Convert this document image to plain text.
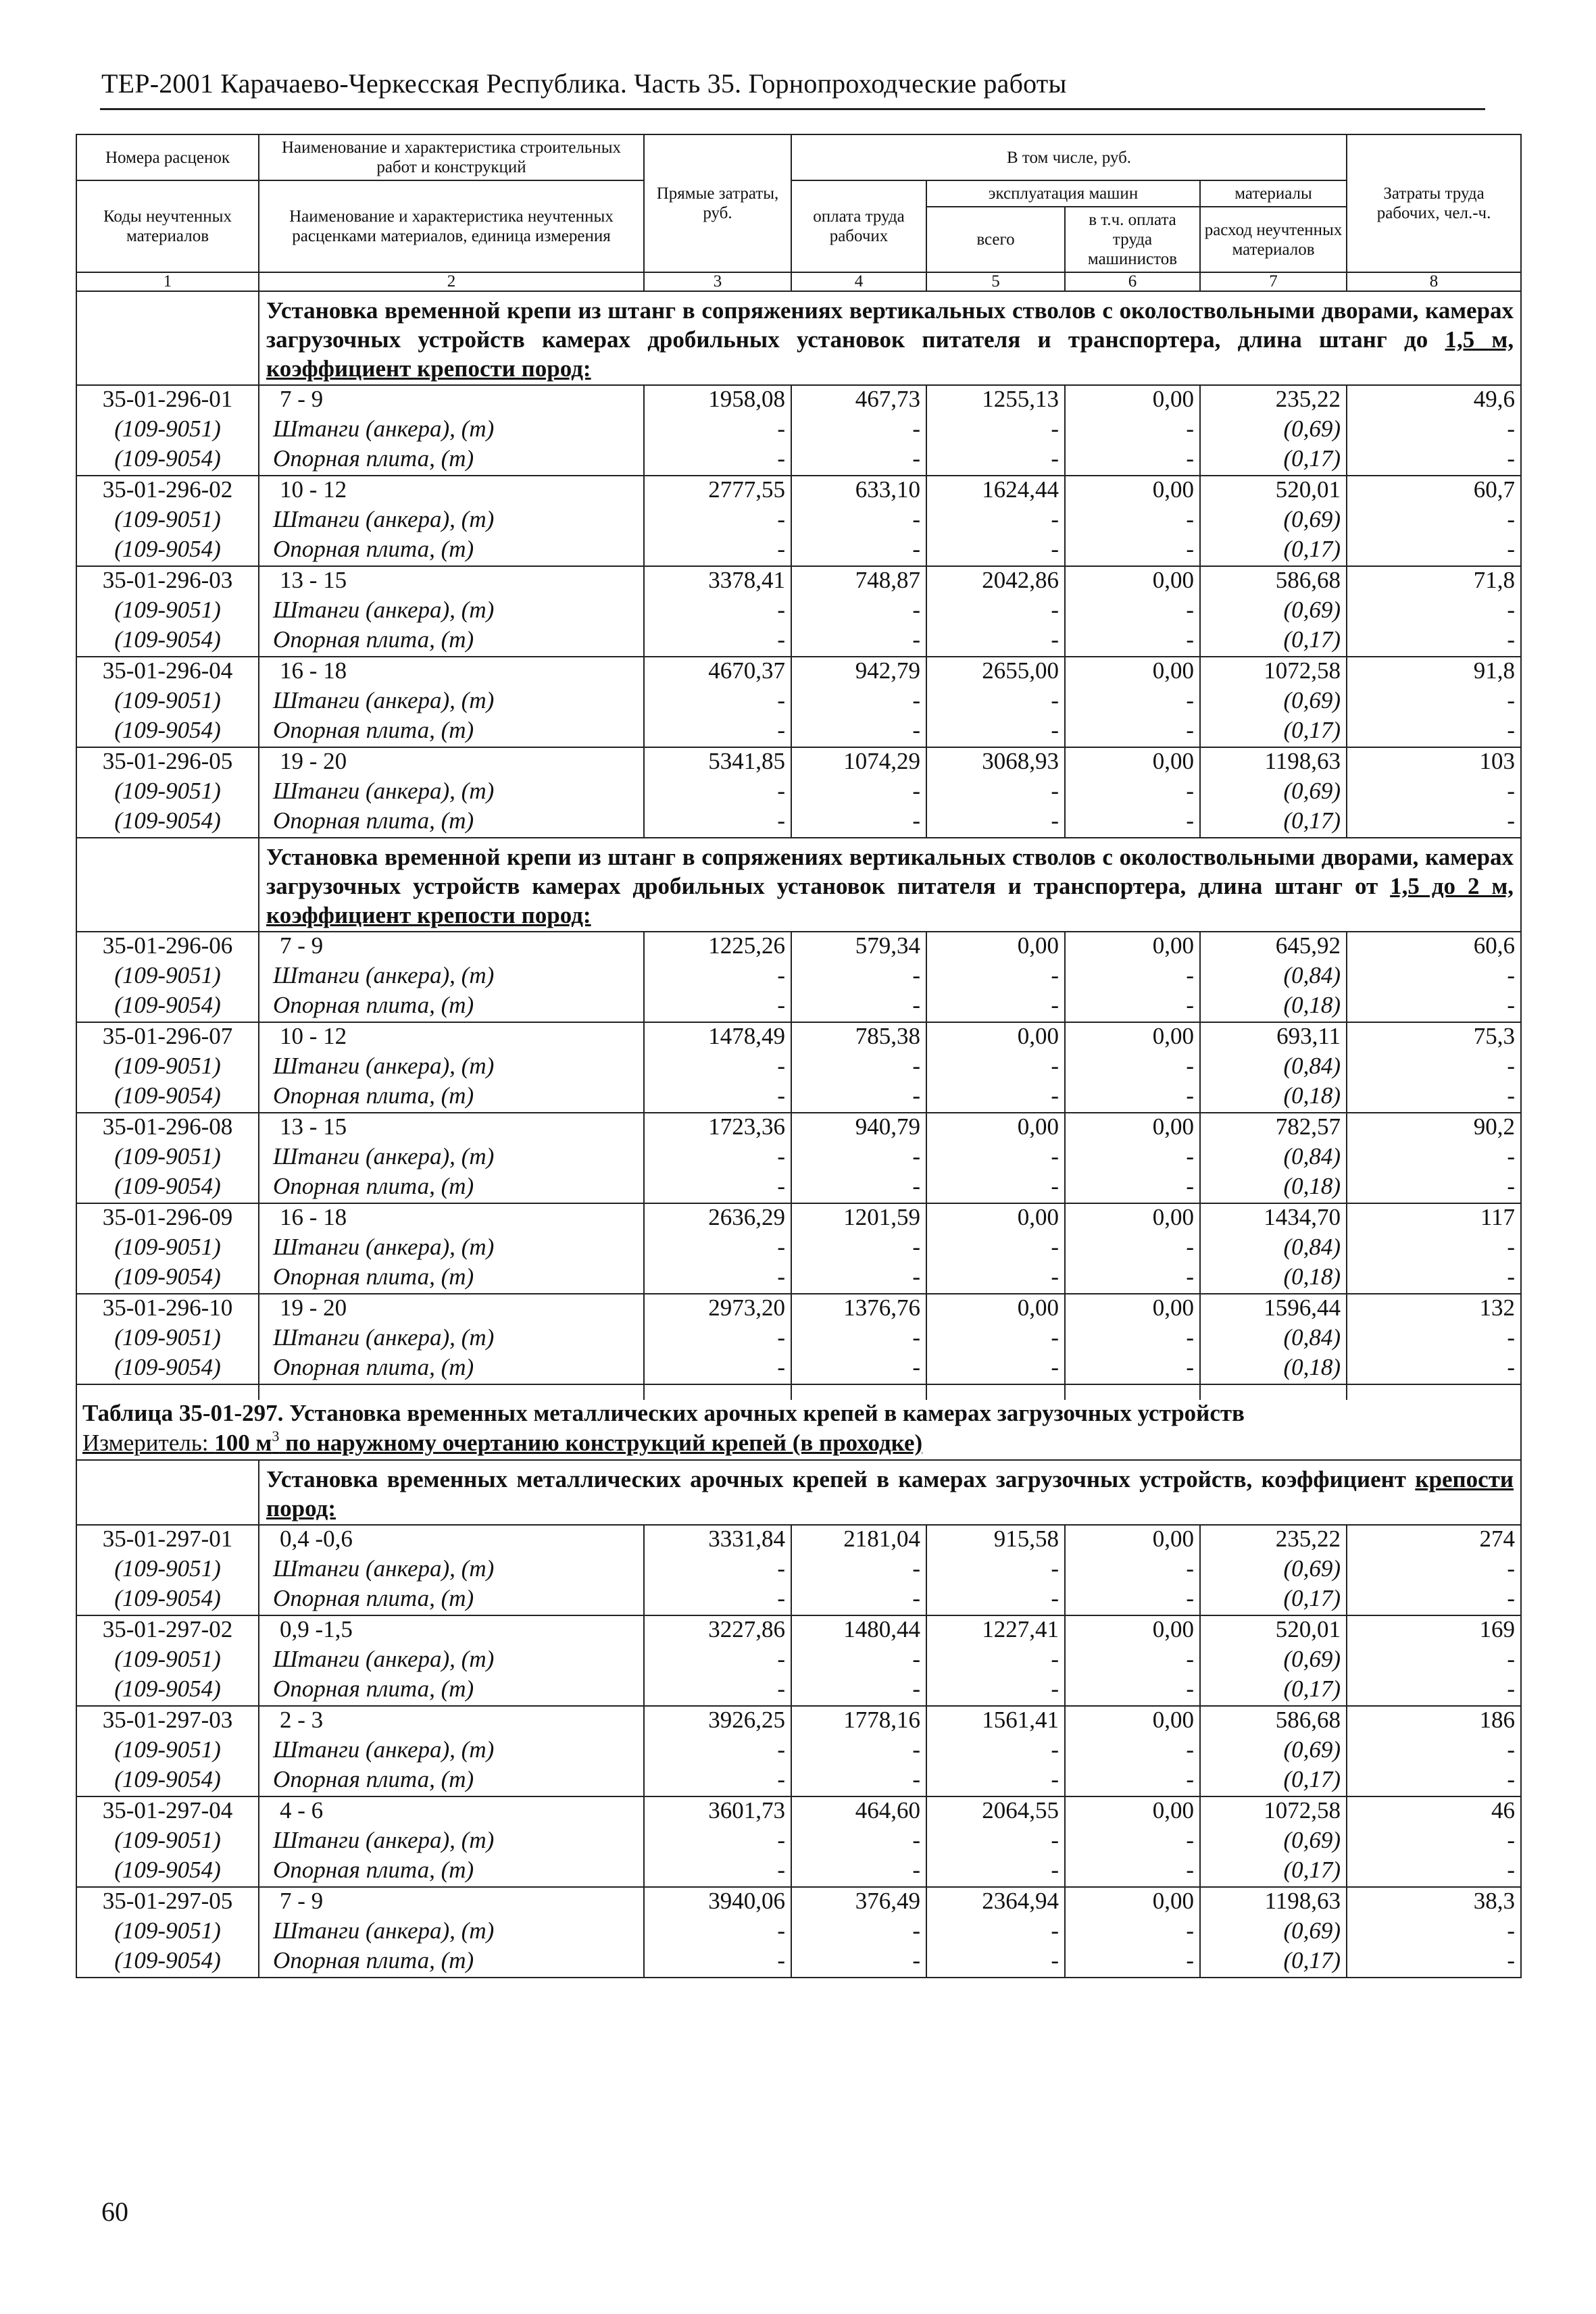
ТЕР-2001 Карачаево-Черкесская Республика. Часть 35. Горнопроходческие работы
Номера расценок	Наименование и характеристика строительных работ и конструкций	Прямые затраты, руб.	В том числе, руб.				Затраты труда рабочих, чел.-ч.
Коды неучтенных материалов	Наименование и характеристика неучтенных расценками материалов, единица измерения		оплата труда рабочих	эксплуатация машин		материалы	
				всего	в т.ч. оплата труда машинистов	расход неучтенных материалов	
1	2	3	4	5	6	7	8
	Установка временной крепи из штанг в сопряжениях вертикальных стволов с околоствольными дворами, камерах загрузочных устройств камерах дробильных установок питателя и транспортера, длина штанг до 1,5 м, коэффициент крепости пород:						
35-01-296-01	7 - 9	1958,08	467,73	1255,13	0,00	235,22	49,6
(109-9051)	Штанги (анкера), (т)	-	-	-	-	(0,69)	-
(109-9054)	Опорная плита, (т)	-	-	-	-	(0,17)	-
35-01-296-02	10 - 12	2777,55	633,10	1624,44	0,00	520,01	60,7
(109-9051)	Штанги (анкера), (т)	-	-	-	-	(0,69)	-
(109-9054)	Опорная плита, (т)	-	-	-	-	(0,17)	-
35-01-296-03	13 - 15	3378,41	748,87	2042,86	0,00	586,68	71,8
(109-9051)	Штанги (анкера), (т)	-	-	-	-	(0,69)	-
(109-9054)	Опорная плита, (т)	-	-	-	-	(0,17)	-
35-01-296-04	16 - 18	4670,37	942,79	2655,00	0,00	1072,58	91,8
(109-9051)	Штанги (анкера), (т)	-	-	-	-	(0,69)	-
(109-9054)	Опорная плита, (т)	-	-	-	-	(0,17)	-
35-01-296-05	19 - 20	5341,85	1074,29	3068,93	0,00	1198,63	103
(109-9051)	Штанги (анкера), (т)	-	-	-	-	(0,69)	-
(109-9054)	Опорная плита, (т)	-	-	-	-	(0,17)	-
	Установка временной крепи из штанг в сопряжениях вертикальных стволов с околоствольными дворами, камерах загрузочных устройств камерах дробильных установок питателя и транспортера, длина штанг от 1,5 до 2 м, коэффициент крепости пород:						
35-01-296-06	7 - 9	1225,26	579,34	0,00	0,00	645,92	60,6
(109-9051)	Штанги (анкера), (т)	-	-	-	-	(0,84)	-
(109-9054)	Опорная плита, (т)	-	-	-	-	(0,18)	-
35-01-296-07	10 - 12	1478,49	785,38	0,00	0,00	693,11	75,3
(109-9051)	Штанги (анкера), (т)	-	-	-	-	(0,84)	-
(109-9054)	Опорная плита, (т)	-	-	-	-	(0,18)	-
35-01-296-08	13 - 15	1723,36	940,79	0,00	0,00	782,57	90,2
(109-9051)	Штанги (анкера), (т)	-	-	-	-	(0,84)	-
(109-9054)	Опорная плита, (т)	-	-	-	-	(0,18)	-
35-01-296-09	16 - 18	2636,29	1201,59	0,00	0,00	1434,70	117
(109-9051)	Штанги (анкера), (т)	-	-	-	-	(0,84)	-
(109-9054)	Опорная плита, (т)	-	-	-	-	(0,18)	-
35-01-296-10	19 - 20	2973,20	1376,76	0,00	0,00	1596,44	132
(109-9051)	Штанги (анкера), (т)	-	-	-	-	(0,84)	-
(109-9054)	Опорная плита, (т)	-	-	-	-	(0,18)	-

Таблица 35-01-297. Установка временных металлических арочных крепей в камерах загрузочных устройств							
Измеритель: 100 $м^3$ по наружному очертанию конструкций крепей (в проходке)							
	Установка временных металлических арочных крепей в камерах загрузочных устройств, коэффициент крепости пород:						
35-01-297-01	0,4 -0,6	3331,84	2181,04	915,58	0,00	235,22	274
(109-9051)	Штанги (анкера), (т)	-	-	-	-	(0,69)	-
(109-9054)	Опорная плита, (т)	-	-	-	-	(0,17)	-
35-01-297-02	0,9 -1,5	3227,86	1480,44	1227,41	0,00	520,01	169
(109-9051)	Штанги (анкера), (т)	-	-	-	-	(0,69)	-
(109-9054)	Опорная плита, (т)	-	-	-	-	(0,17)	-
35-01-297-03	2 - 3	3926,25	1778,16	1561,41	0,00	586,68	186
(109-9051)	Штанги (анкера), (т)	-	-	-	-	(0,69)	-
(109-9054)	Опорная плита, (т)	-	-	-	-	(0,17)	-
35-01-297-04	4 - 6	3601,73	464,60	2064,55	0,00	1072,58	46
(109-9051)	Штанги (анкера), (т)	-	-	-	-	(0,69)	-
(109-9054)	Опорная плита, (т)	-	-	-	-	(0,17)	-
35-01-297-05	7 - 9	3940,06	376,49	2364,94	0,00	1198,63	38,3
(109-9051)	Штанги (анкера), (т)	-	-	-	-	(0,69)	-
(109-9054)	Опорная плита, (т)	-	-	-	-	(0,17)	-
60
